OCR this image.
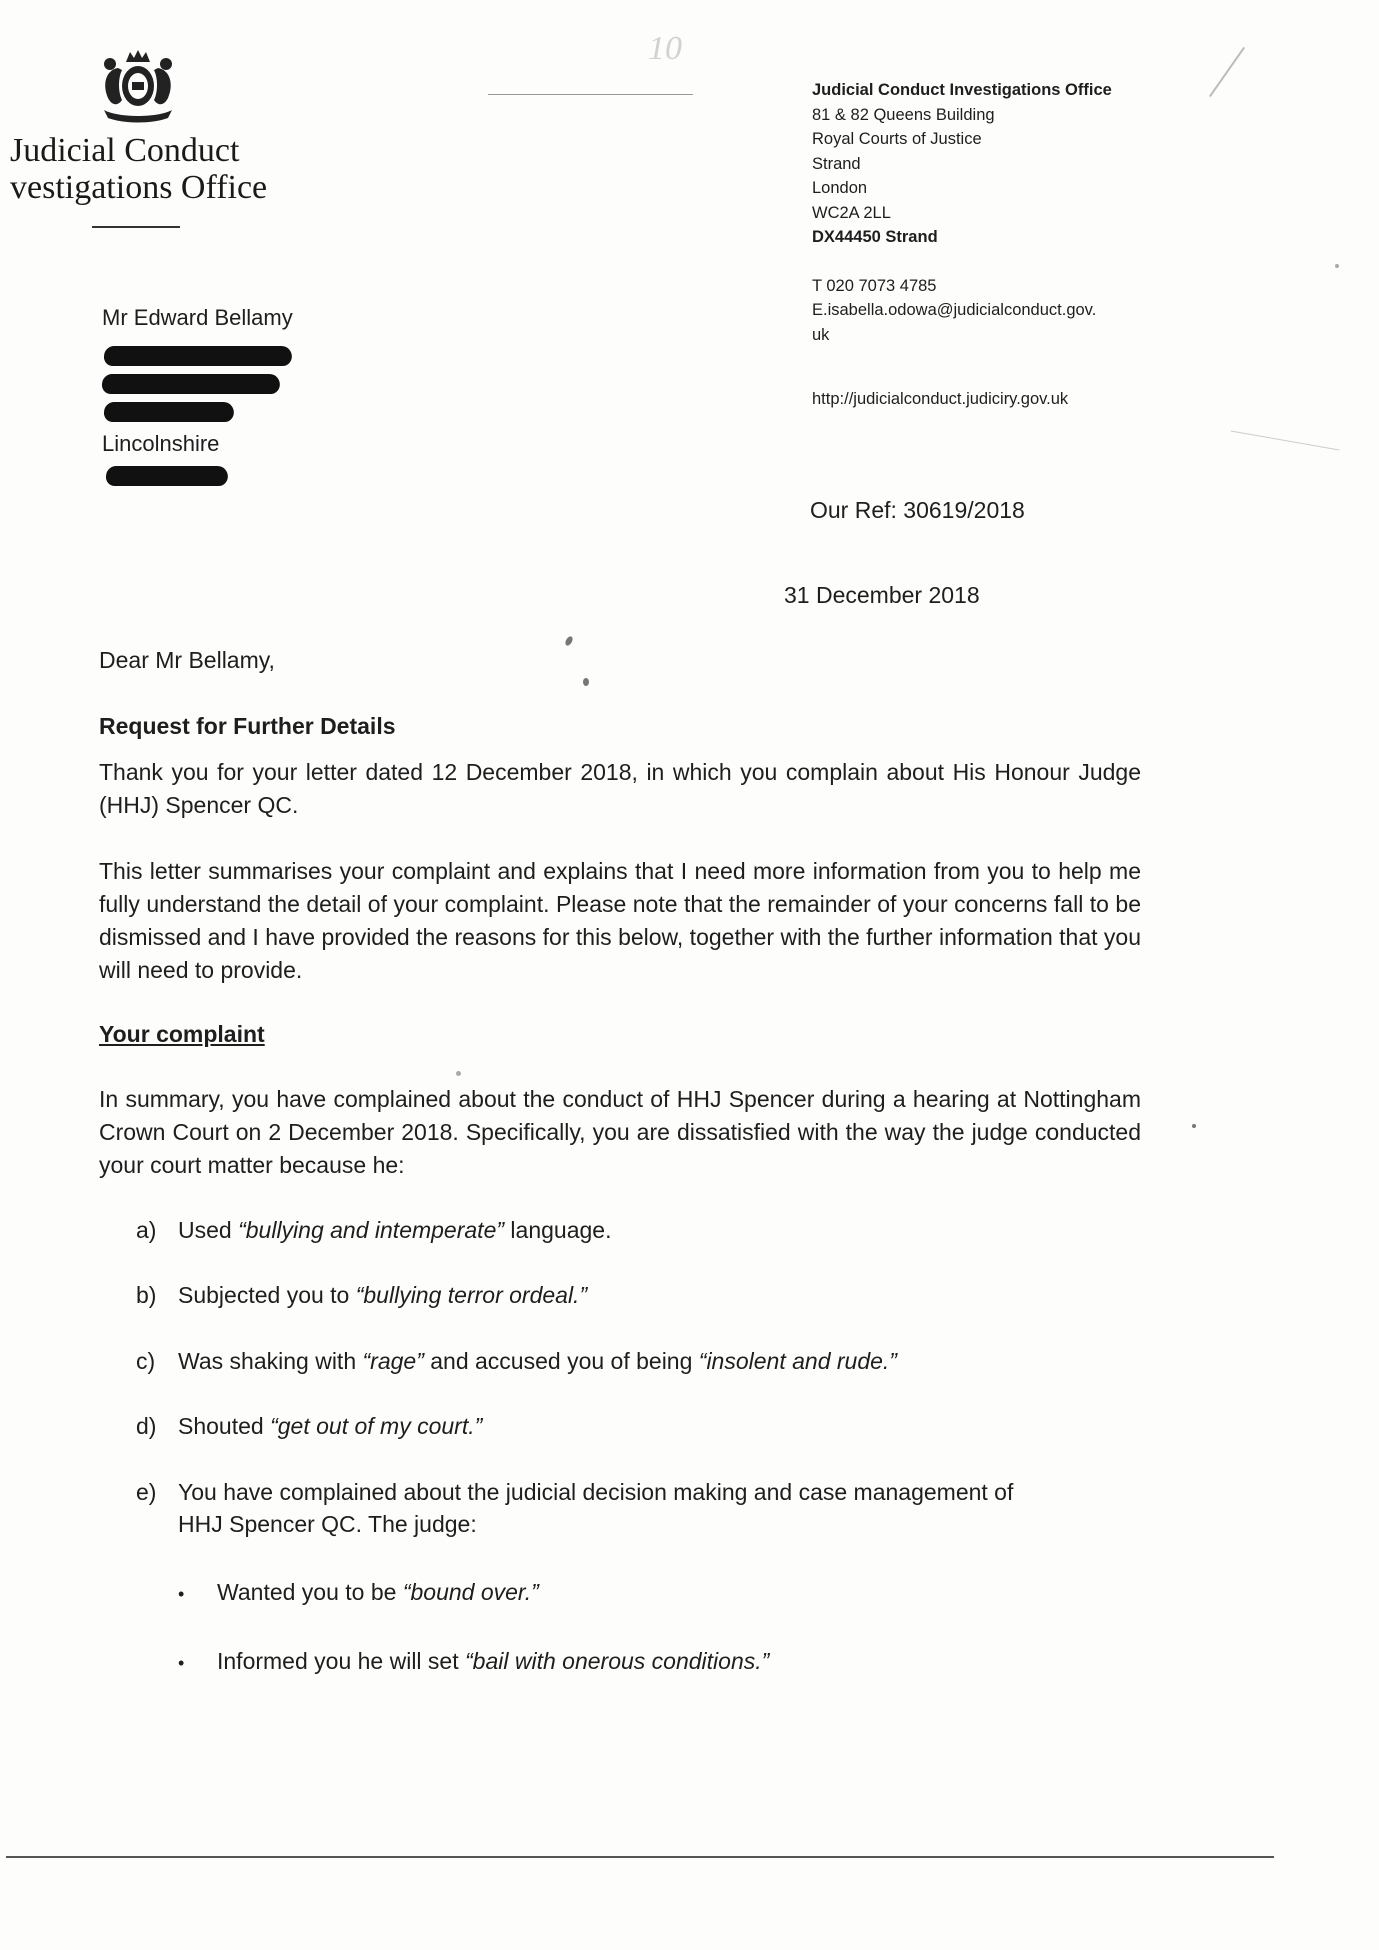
10
Judicial Conduct
vestigations Office
Judicial Conduct Investigations Office
81 & 82 Queens Building
Royal Courts of Justice
Strand
London
WC2A 2LL
DX44450 Strand
T 020 7073 4785
E.isabella.odowa@judicialconduct.gov.
uk
http://judicialconduct.judiciry.gov.uk
Mr Edward Bellamy
Lincolnshire
Our Ref: 30619/2018
31 December 2018
Dear Mr Bellamy,
Request for Further Details
Thank you for your letter dated 12 December 2018, in which you complain about His Honour Judge (HHJ) Spencer QC.
This letter summarises your complaint and explains that I need more information from you to help me fully understand the detail of your complaint. Please note that the remainder of your concerns fall to be dismissed and I have provided the reasons for this below, together with the further information that you will need to provide.
Your complaint
In summary, you have complained about the conduct of HHJ Spencer during a hearing at Nottingham Crown Court on 2 December 2018. Specifically, you are dissatisfied with the way the judge conducted your court matter because he:
a) Used “bullying and intemperate” language.
b) Subjected you to “bullying terror ordeal.”
c) Was shaking with “rage” and accused you of being “insolent and rude.”
d) Shouted “get out of my court.”
e) You have complained about the judicial decision making and case management of
HHJ Spencer QC. The judge:
• Wanted you to be “bound over.”
• Informed you he will set “bail with onerous conditions.”
